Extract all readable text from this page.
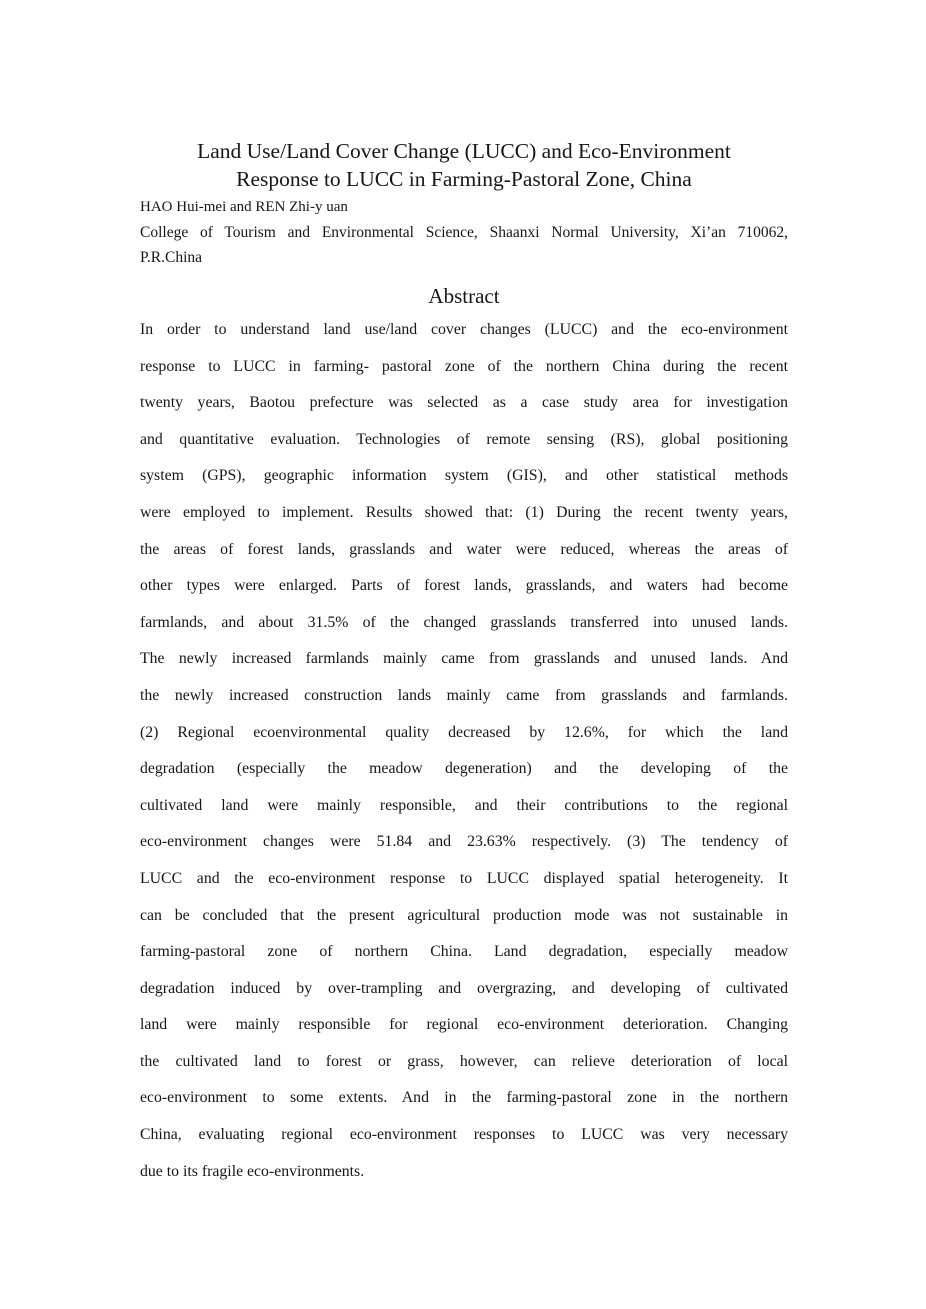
Land Use/Land Cover Change (LUCC) and Eco-Environment
Response to LUCC in Farming-Pastoral Zone, China
HAO Hui-mei and REN Zhi-y uan
College of Tourism and Environmental Science, Shaanxi Normal University, Xi’an 710062,
P.R.China
Abstract
In order to understand land use/land cover changes (LUCC) and the eco-environment
response to LUCC in farming- pastoral zone of the northern China during the recent
twenty years, Baotou prefecture was selected as a case study area for investigation
and quantitative evaluation. Technologies of remote sensing (RS), global positioning
system (GPS), geographic information system (GIS), and other statistical methods
were employed to implement. Results showed that: (1) During the recent twenty years,
the areas of forest lands, grasslands and water were reduced, whereas the areas of
other types were enlarged. Parts of forest lands, grasslands, and waters had become
farmlands, and about 31.5% of the changed grasslands transferred into unused lands.
The newly increased farmlands mainly came from grasslands and unused lands. And
the newly increased construction lands mainly came from grasslands and farmlands.
(2) Regional ecoenvironmental quality decreased by 12.6%, for which the land
degradation (especially the meadow degeneration) and the developing of the
cultivated land were mainly responsible, and their contributions to the regional
eco-environment changes were 51.84 and 23.63% respectively. (3) The tendency of
LUCC and the eco-environment response to LUCC displayed spatial heterogeneity. It
can be concluded that the present agricultural production mode was not sustainable in
farming-pastoral zone of northern China. Land degradation, especially meadow
degradation induced by over-trampling and overgrazing, and developing of cultivated
land were mainly responsible for regional eco-environment deterioration. Changing
the cultivated land to forest or grass, however, can relieve deterioration of local
eco-environment to some extents. And in the farming-pastoral zone in the northern
China, evaluating regional eco-environment responses to LUCC was very necessary
due to its fragile eco-environments.
